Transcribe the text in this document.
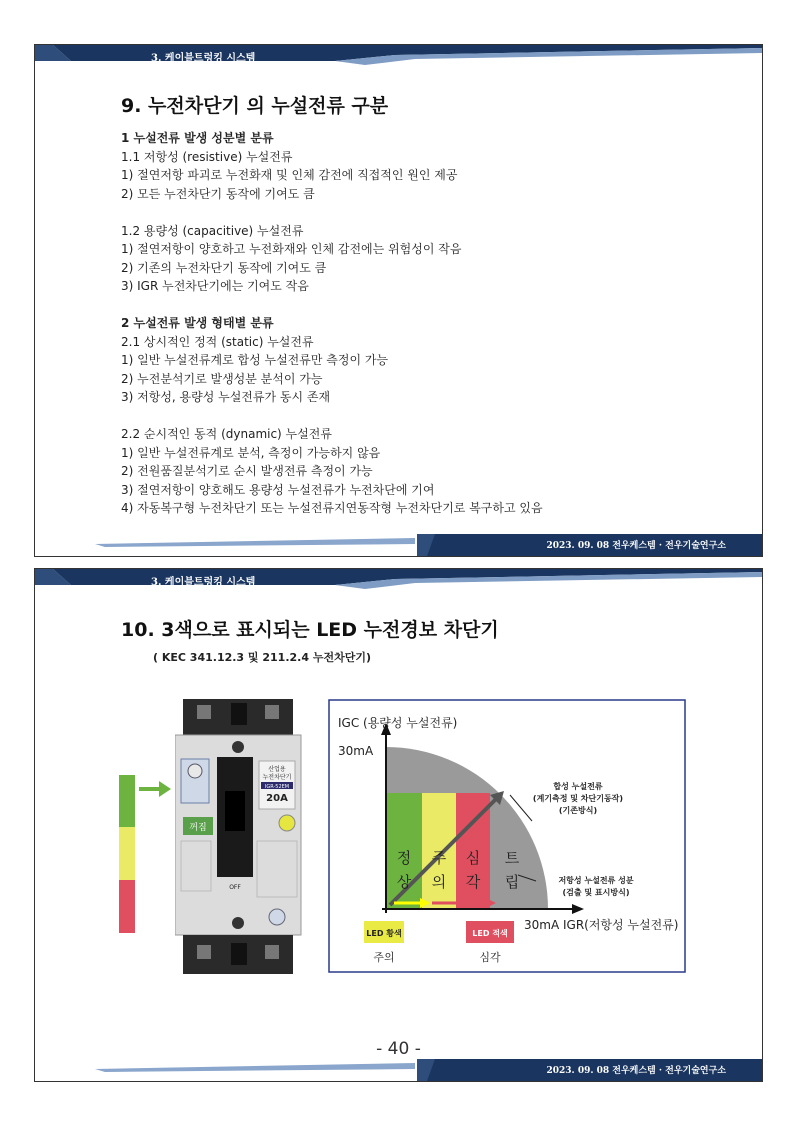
3. 케이블트렁킹 시스템
9. 누전차단기 의 누설전류 구분
1 누설전류 발생 성분별 분류
1.1 저항성 (resistive) 누설전류
1) 절연저항 파괴로 누전화재 및 인체 감전에 직접적인 원인 제공
2) 모든 누전차단기 동작에 기여도 큼
1.2 용량성 (capacitive) 누설전류
1) 절연저항이 양호하고 누전화재와 인체 감전에는 위험성이 작음
2) 기존의 누전차단기 동작에 기여도 큼
3) IGR 누전차단기에는 기여도 작음
2 누설전류 발생 형태별 분류
2.1 상시적인 정적 (static) 누설전류
1) 일반 누설전류계로 합성 누설전류만 측정이 가능
2) 누전분석기로 발생성분 분석이 가능
3) 저항성, 용량성 누설전류가 동시 존재
2.2 순시적인 동적 (dynamic) 누설전류
1) 일반 누설전류계로 분석, 측정이 가능하지 않음
2) 전원품질분석기로 순시 발생전류 측정이 가능
3) 절연저항이 양호해도 용량성 누설전류가 누전차단에 기여
4) 자동복구형 누전차단기 또는 누설전류지연동작형 누전차단기로 복구하고 있음
2023. 09. 08 전우케스템 · 전우기술연구소
3. 케이블트렁킹 시스템
10. 3색으로 표시되는 LED 누전경보 차단기
( KEC 341.12.3 및 211.2.4 누전차단기)
꺼짐
산업용
누전차단기
IGR-52EM
20A
OFF
IGC (용량성 누설전류)
30mA
30mA IGR(저항성 누설전류)
정
상
주
의
심
각
트
립
합성 누설전류
(계기측정 및 차단기동작)
(기존방식)
저항성 누설전류 성분
(검출 및 표시방식)
LED 황색	LED 적색
주의	심각
- 40 -
2023. 09. 08 전우케스템 · 전우기술연구소
